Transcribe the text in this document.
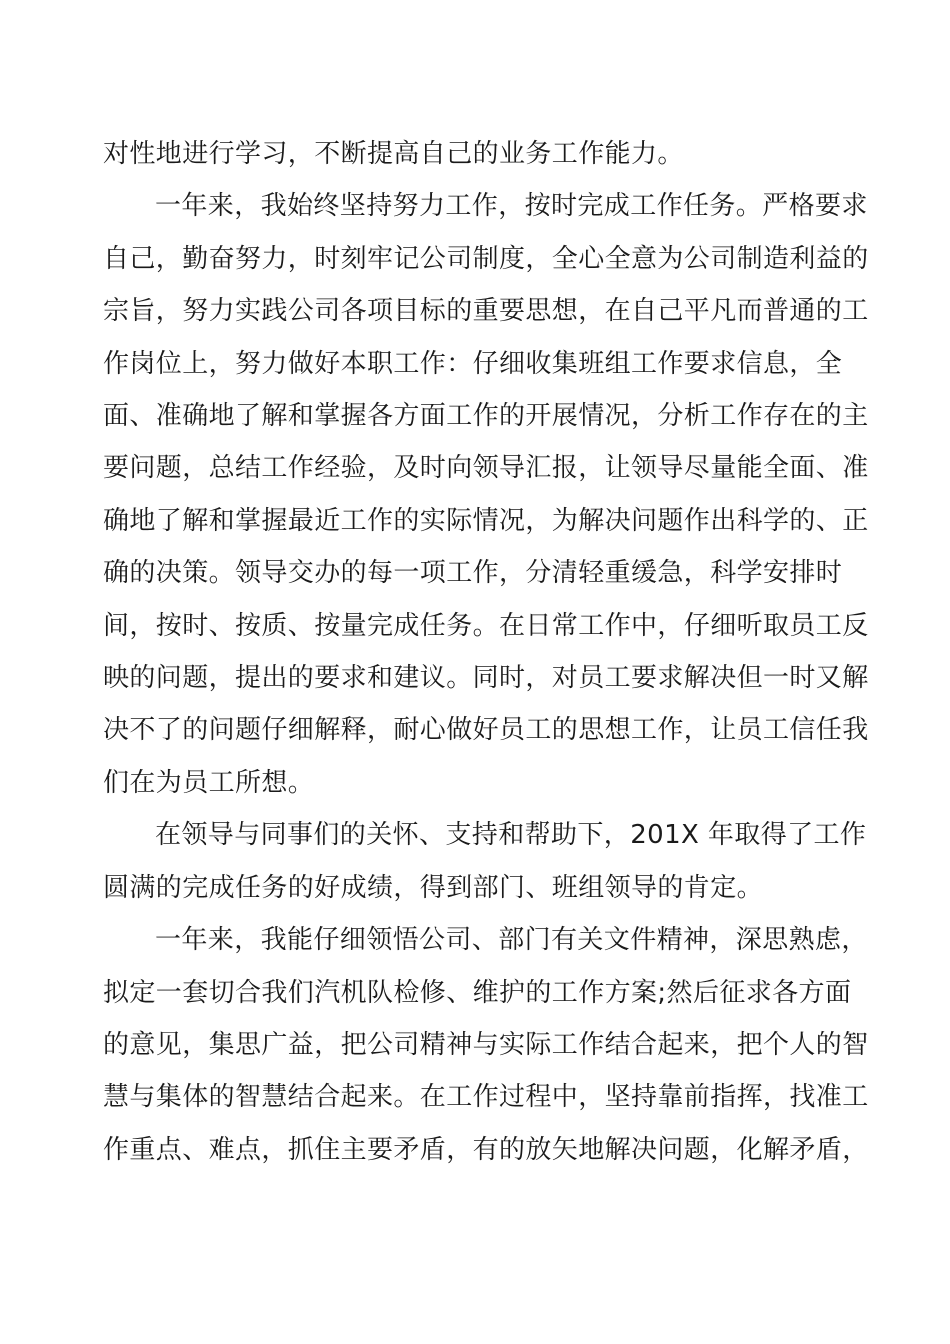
对性地进行学习，不断提高自己的业务工作能力。

一年来，我始终坚持努力工作，按时完成工作任务。严格要求
自己，勤奋努力，时刻牢记公司制度，全心全意为公司制造利益的
宗旨，努力实践公司各项目标的重要思想，在自己平凡而普通的工
作岗位上，努力做好本职工作：仔细收集班组工作要求信息，全
面、准确地了解和掌握各方面工作的开展情况，分析工作存在的主
要问题，总结工作经验，及时向领导汇报，让领导尽量能全面、准
确地了解和掌握最近工作的实际情况，为解决问题作出科学的、正
确的决策。领导交办的每一项工作，分清轻重缓急，科学安排时
间，按时、按质、按量完成任务。在日常工作中，仔细听取员工反
映的问题，提出的要求和建议。同时，对员工要求解决但一时又解
决不了的问题仔细解释，耐心做好员工的思想工作，让员工信任我
们在为员工所想。

在领导与同事们的关怀、支持和帮助下，201X 年取得了工作
圆满的完成任务的好成绩，得到部门、班组领导的肯定。

一年来，我能仔细领悟公司、部门有关文件精神，深思熟虑，
拟定一套切合我们汽机队检修、维护的工作方案;然后征求各方面
的意见，集思广益，把公司精神与实际工作结合起来，把个人的智
慧与集体的智慧结合起来。在工作过程中，坚持靠前指挥，找准工
作重点、难点，抓住主要矛盾，有的放矢地解决问题，化解矛盾，
